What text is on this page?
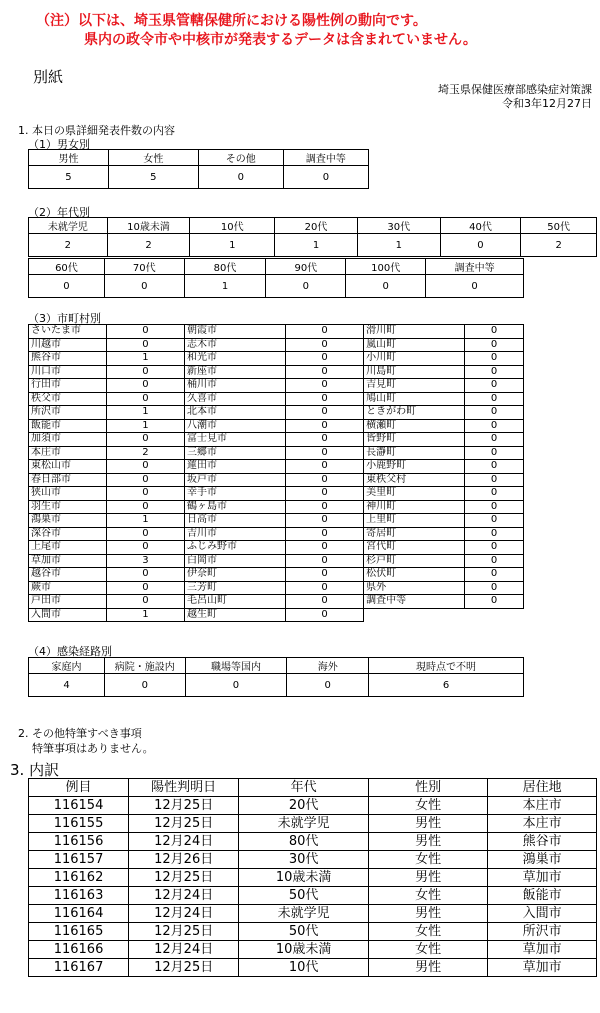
（注）以下は、埼玉県管轄保健所における陽性例の動向です。
県内の政令市や中核市が発表するデータは含まれていません。
別紙
埼玉県保健医療部感染症対策課
令和3年12月27日
1. 本日の県詳細発表件数の内容
（1）男女別
男性	女性	その他	調査中等
5	5	0	0
（2）年代別
未就学児	10歳未満	10代	20代	30代	40代	50代
2	2	1	1	1	0	2
60代	70代	80代	90代	100代	調査中等
0	0	1	0	0	0
（3）市町村別
さいたま市	0	朝霞市	0	滑川町	0
川越市	0	志木市	0	嵐山町	0
熊谷市	1	和光市	0	小川町	0
川口市	0	新座市	0	川島町	0
行田市	0	桶川市	0	吉見町	0
秩父市	0	久喜市	0	鳩山町	0
所沢市	1	北本市	0	ときがわ町	0
飯能市	1	八潮市	0	横瀬町	0
加須市	0	富士見市	0	皆野町	0
本庄市	2	三郷市	0	長瀞町	0
東松山市	0	蓮田市	0	小鹿野町	0
春日部市	0	坂戸市	0	東秩父村	0
狭山市	0	幸手市	0	美里町	0
羽生市	0	鶴ヶ島市	0	神川町	0
鴻巣市	1	日高市	0	上里町	0
深谷市	0	吉川市	0	寄居町	0
上尾市	0	ふじみ野市	0	宮代町	0
草加市	3	白岡市	0	杉戸町	0
越谷市	0	伊奈町	0	松伏町	0
蕨市	0	三芳町	0	県外	0
戸田市	0	毛呂山町	0	調査中等	0
入間市	1	越生町	0		
（4）感染経路別
家庭内	病院・施設内	職場等国内	海外	現時点で不明
4	0	0	0	6
2. その他特筆すべき事項
特筆事項はありません。
3. 内訳
例目	陽性判明日	年代	性別	居住地
116154	12月25日	20代	女性	本庄市
116155	12月25日	未就学児	男性	本庄市
116156	12月24日	80代	男性	熊谷市
116157	12月26日	30代	女性	鴻巣市
116162	12月25日	10歳未満	男性	草加市
116163	12月24日	50代	女性	飯能市
116164	12月24日	未就学児	男性	入間市
116165	12月25日	50代	女性	所沢市
116166	12月24日	10歳未満	女性	草加市
116167	12月25日	10代	男性	草加市
